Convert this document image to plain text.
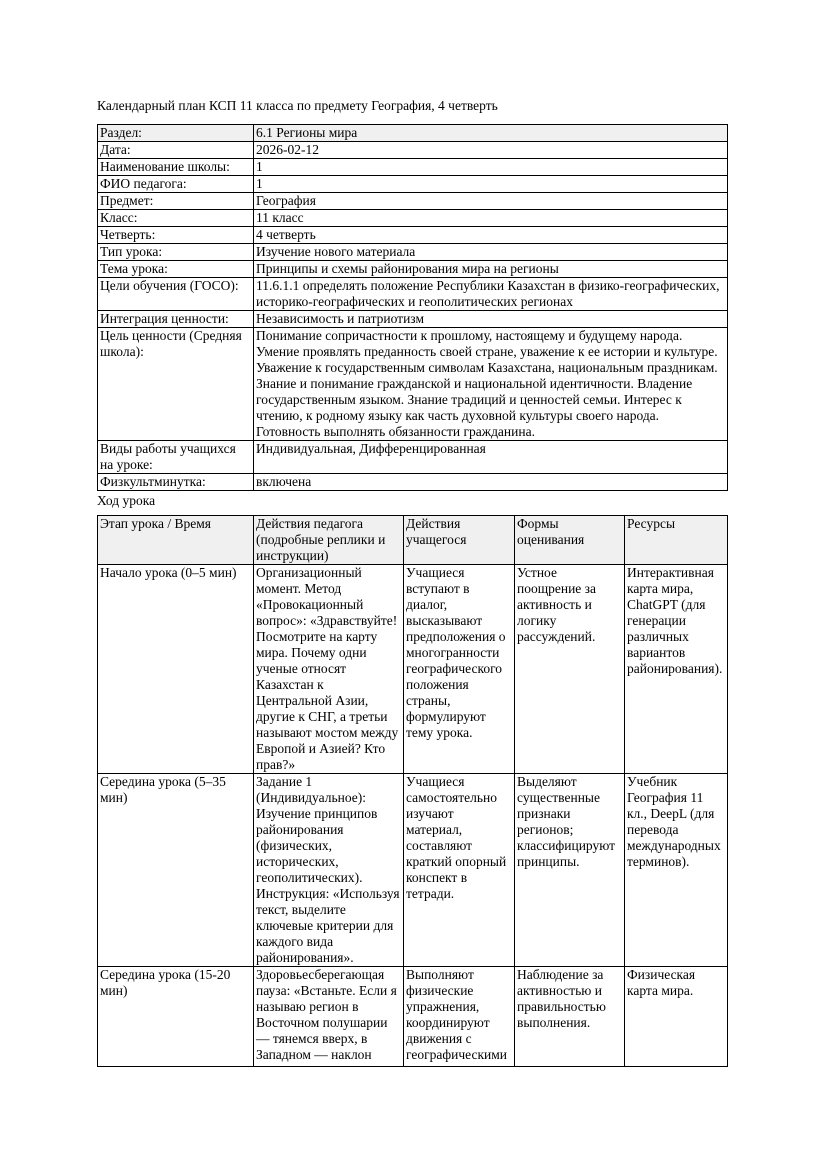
Календарный план КСП 11 класса по предмету География, 4 четверть

Раздел:	6.1 Регионы мира
Дата:	2026-02-12
Наименование школы:	1
ФИО педагога:	1
Предмет:	География
Класс:	11 класс
Четверть:	4 четверть
Тип урока:	Изучение нового материала
Тема урока:	Принципы и схемы районирования мира на регионы
Цели обучения (ГОСО):	11.6.1.1 определять положение Республики Казахстан в физико-географических, историко-географических и геополитических регионах
Интеграция ценности:	Независимость и патриотизм
Цель ценности (Средняя школа):	Понимание сопричастности к прошлому, настоящему и будущему народа. Умение проявлять преданность своей стране, уважение к ее истории и культуре. Уважение к государственным символам Казахстана, национальным праздникам. Знание и понимание гражданской и национальной идентичности. Владение государственным языком. Знание традиций и ценностей семьи. Интерес к чтению, к родному языку как часть духовной культуры своего народа. Готовность выполнять обязанности гражданина.
Виды работы учащихся на уроке:	Индивидуальная, Дифференцированная
Физкультминутка:	включена

Ход урока

Этап урока / Время	Действия педагога (подробные реплики и инструкции)	Действия учащегося	Формы оценивания	Ресурсы
Начало урока (0–5 мин)	Организационный момент. Метод «Провокационный вопрос»: «Здравствуйте! Посмотрите на карту мира. Почему одни ученые относят Казахстан к Центральной Азии, другие к СНГ, а третьи называют мостом между Европой и Азией? Кто прав?»	Учащиеся вступают в диалог, высказывают предположения о многогранности географического положения страны, формулируют тему урока.	Устное поощрение за активность и логику рассуждений.	Интерактивная карта мира, ChatGPT (для генерации различных вариантов районирования).
Середина урока (5–35 мин)	Задание 1 (Индивидуальное): Изучение принципов районирования (физических, исторических, геополитических). Инструкция: «Используя текст, выделите ключевые критерии для каждого вида районирования».	Учащиеся самостоятельно изучают материал, составляют краткий опорный конспект в тетради.	Выделяют существенные признаки регионов; классифицируют принципы.	Учебник География 11 кл., DeepL (для перевода международных терминов).
Середина урока (15-20 мин)	Здоровьесберегающая пауза: «Встаньте. Если я называю регион в Восточном полушарии — тянемся вверх, в Западном — наклон	Выполняют физические упражнения, координируют движения с географическими	Наблюдение за активностью и правильностью выполнения.	Физическая карта мира.
